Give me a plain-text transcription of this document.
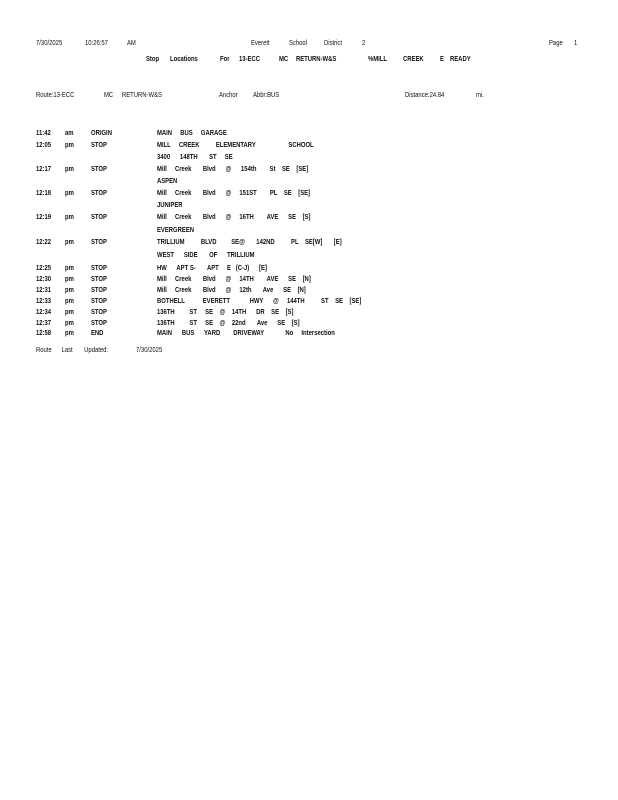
7/30/2025	10:26:57	AM	Everett	School District	2	Page 1
Stop Locations	For 13-ECC	MC RETURN-W&S	%MILL CREEK E READY
Route:13-ECC	MC RETURN-W&S	Anchor Abbr:BUS	Distance:24.84	mi.
11:42 am ORIGIN	MAIN     BUS     GARAGE
12:05 pm STOP	MILL     CREEK          ELEMENTARY                    SCHOOL
3400      148TH       ST     SE
12:17 pm STOP	Mill     Creek       Blvd      @      154th        St    SE    [SE]
ASPEN
12:18 pm STOP	Mill     Creek       Blvd      @     151ST        PL    SE    [SE]
JUNIPER
12:19 pm STOP	Mill     Creek       Blvd      @     16TH        AVE      SE    [S]
EVERGREEN
12:22 pm STOP	TRILLIUM          BLVD         SE@       142ND          PL    SE[W]       [E]
WEST      SIDE       OF      TRILLIUM
12:25 pm STOP	HW      APT S-       APT     E   (C-J)      [E]
12:30 pm STOP	Mill     Creek       Blvd      @     14TH        AVE      SE    [N]
12:31 pm STOP	Mill     Creek       Blvd      @     12th       Ave      SE    [N]
12:33 pm STOP	BOTHELL           EVERETT            HWY      @     144TH          ST    SE    [SE]
12:34 pm STOP	136TH         ST     SE    @    14TH      DR    SE    [S]
12:37 pm STOP	136TH         ST     SE    @    22nd       Ave      SE    [S]
12:58 pm END	MAIN      BUS      YARD        DRIVEWAY             No     Intersection
Route      Last       Updated:	7/30/2025
